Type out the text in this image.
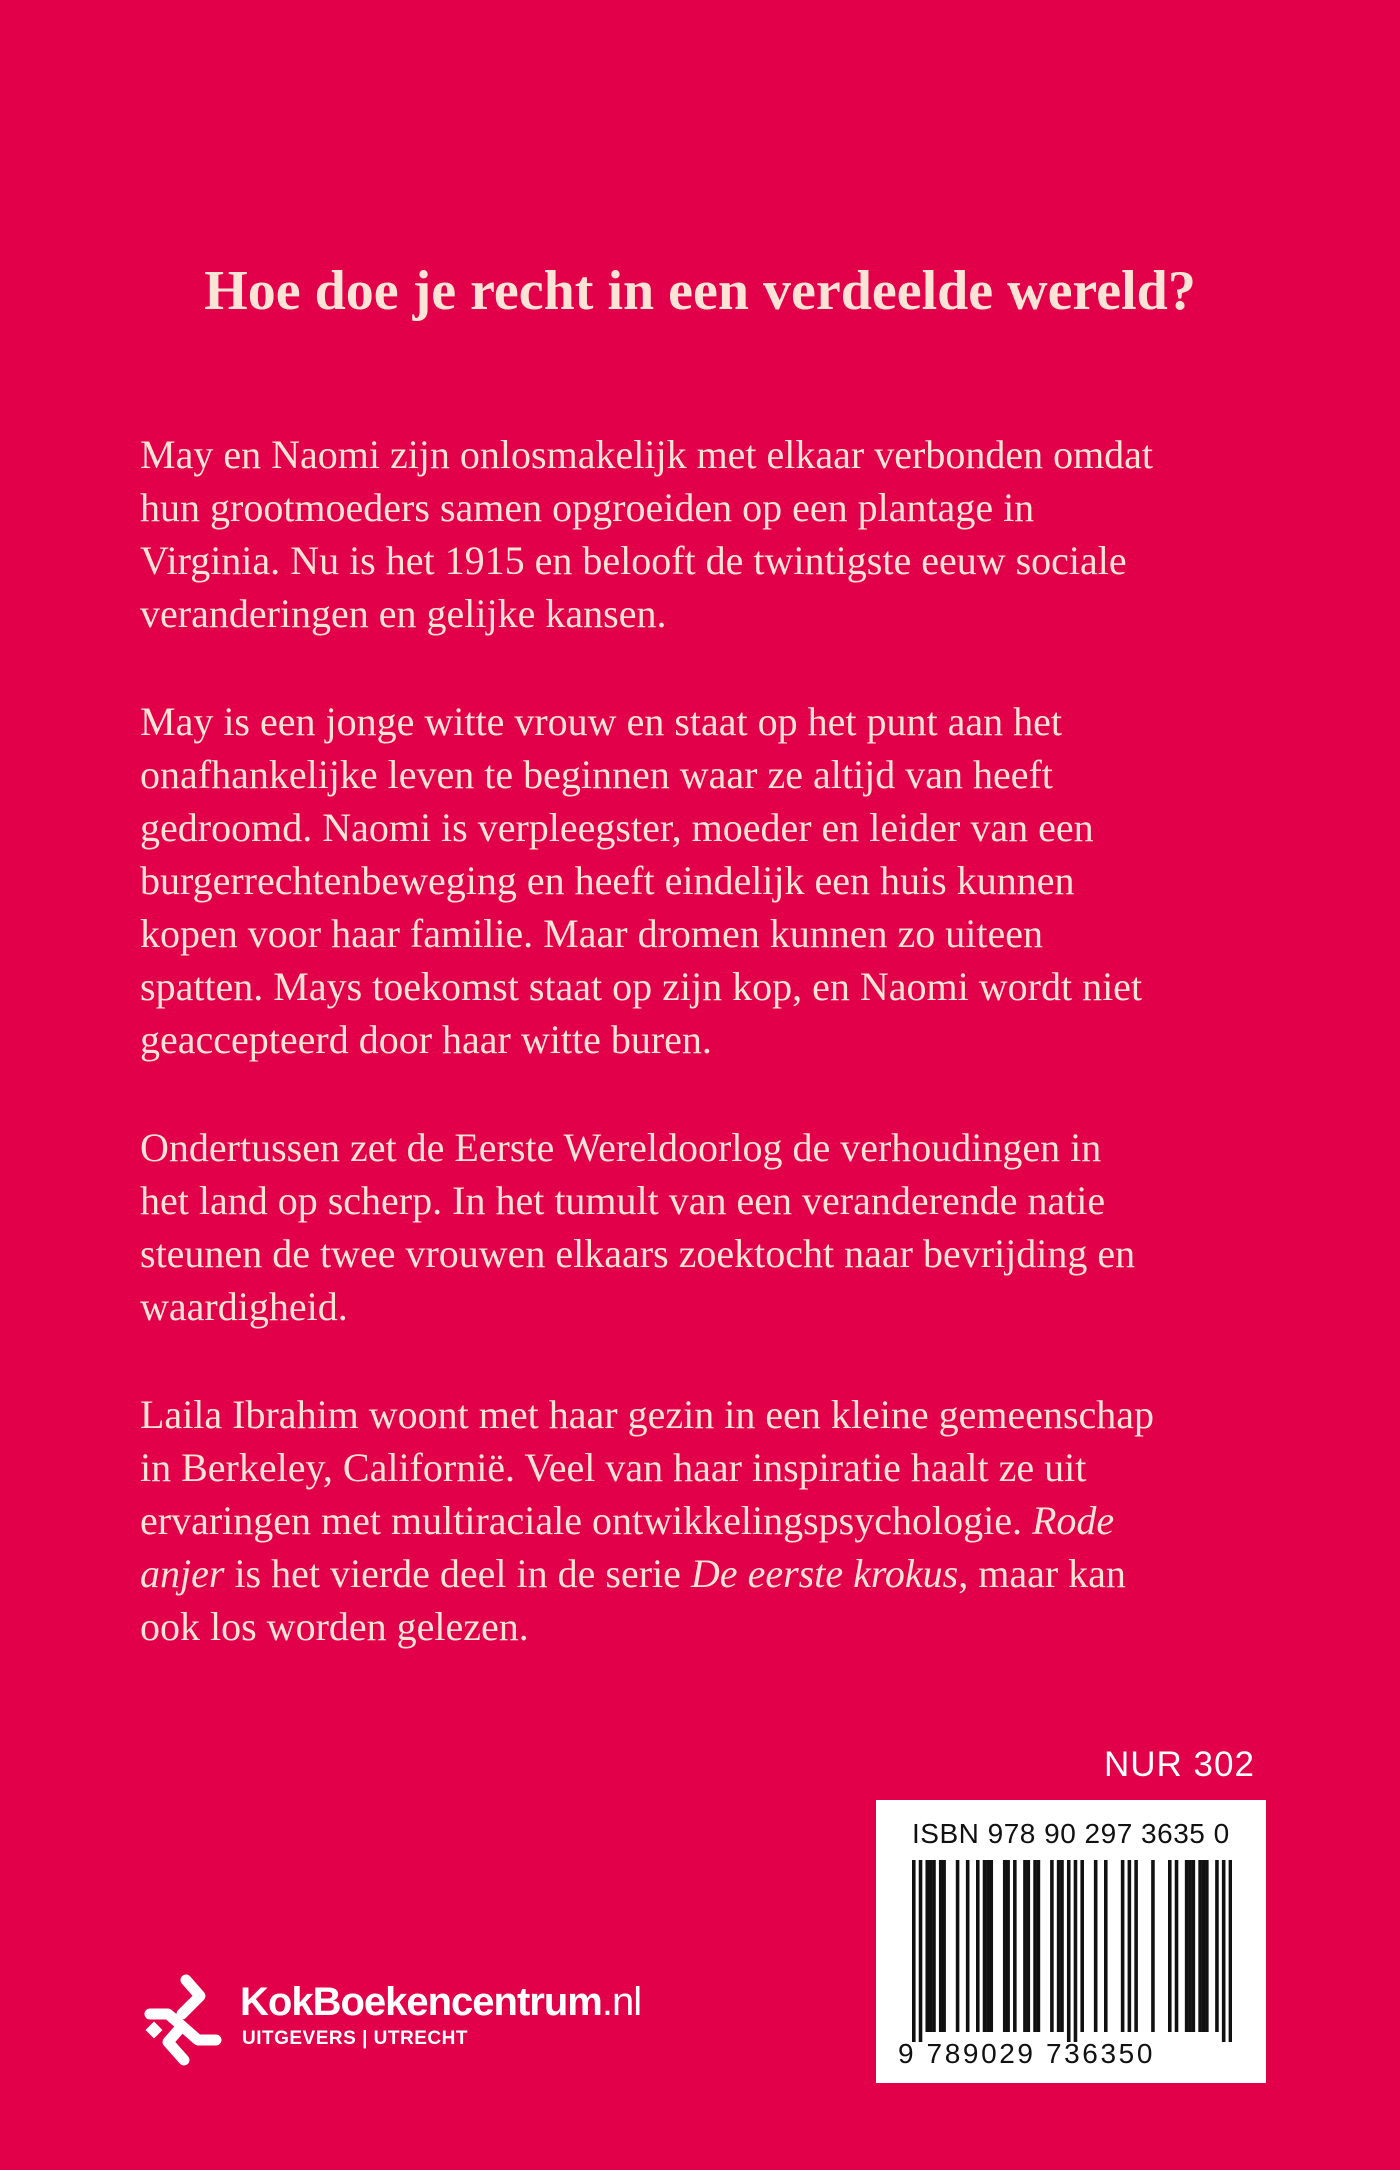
Hoe doe je recht in een verdeelde wereld?

May en Naomi zijn onlosmakelijk met elkaar verbonden omdat
hun grootmoeders samen opgroeiden op een plantage in
Virginia. Nu is het 1915 en belooft de twintigste eeuw sociale
veranderingen en gelijke kansen.

May is een jonge witte vrouw en staat op het punt aan het
onafhankelijke leven te beginnen waar ze altijd van heeft
gedroomd. Naomi is verpleegster, moeder en leider van een
burgerrechtenbeweging en heeft eindelijk een huis kunnen
kopen voor haar familie. Maar dromen kunnen zo uiteen
spatten. Mays toekomst staat op zijn kop, en Naomi wordt niet
geaccepteerd door haar witte buren.

Ondertussen zet de Eerste Wereldoorlog de verhoudingen in
het land op scherp. In het tumult van een veranderende natie
steunen de twee vrouwen elkaars zoektocht naar bevrijding en
waardigheid.

Laila Ibrahim woont met haar gezin in een kleine gemeenschap
in Berkeley, Californië. Veel van haar inspiratie haalt ze uit
ervaringen met multiraciale ontwikkelingspsychologie. Rode
anjer is het vierde deel in de serie De eerste krokus, maar kan
ook los worden gelezen.

NUR 302
ISBN 978 90 297 3635 0
9 789029 736350
KokBoekencentrum.nl
UITGEVERS | UTRECHT
